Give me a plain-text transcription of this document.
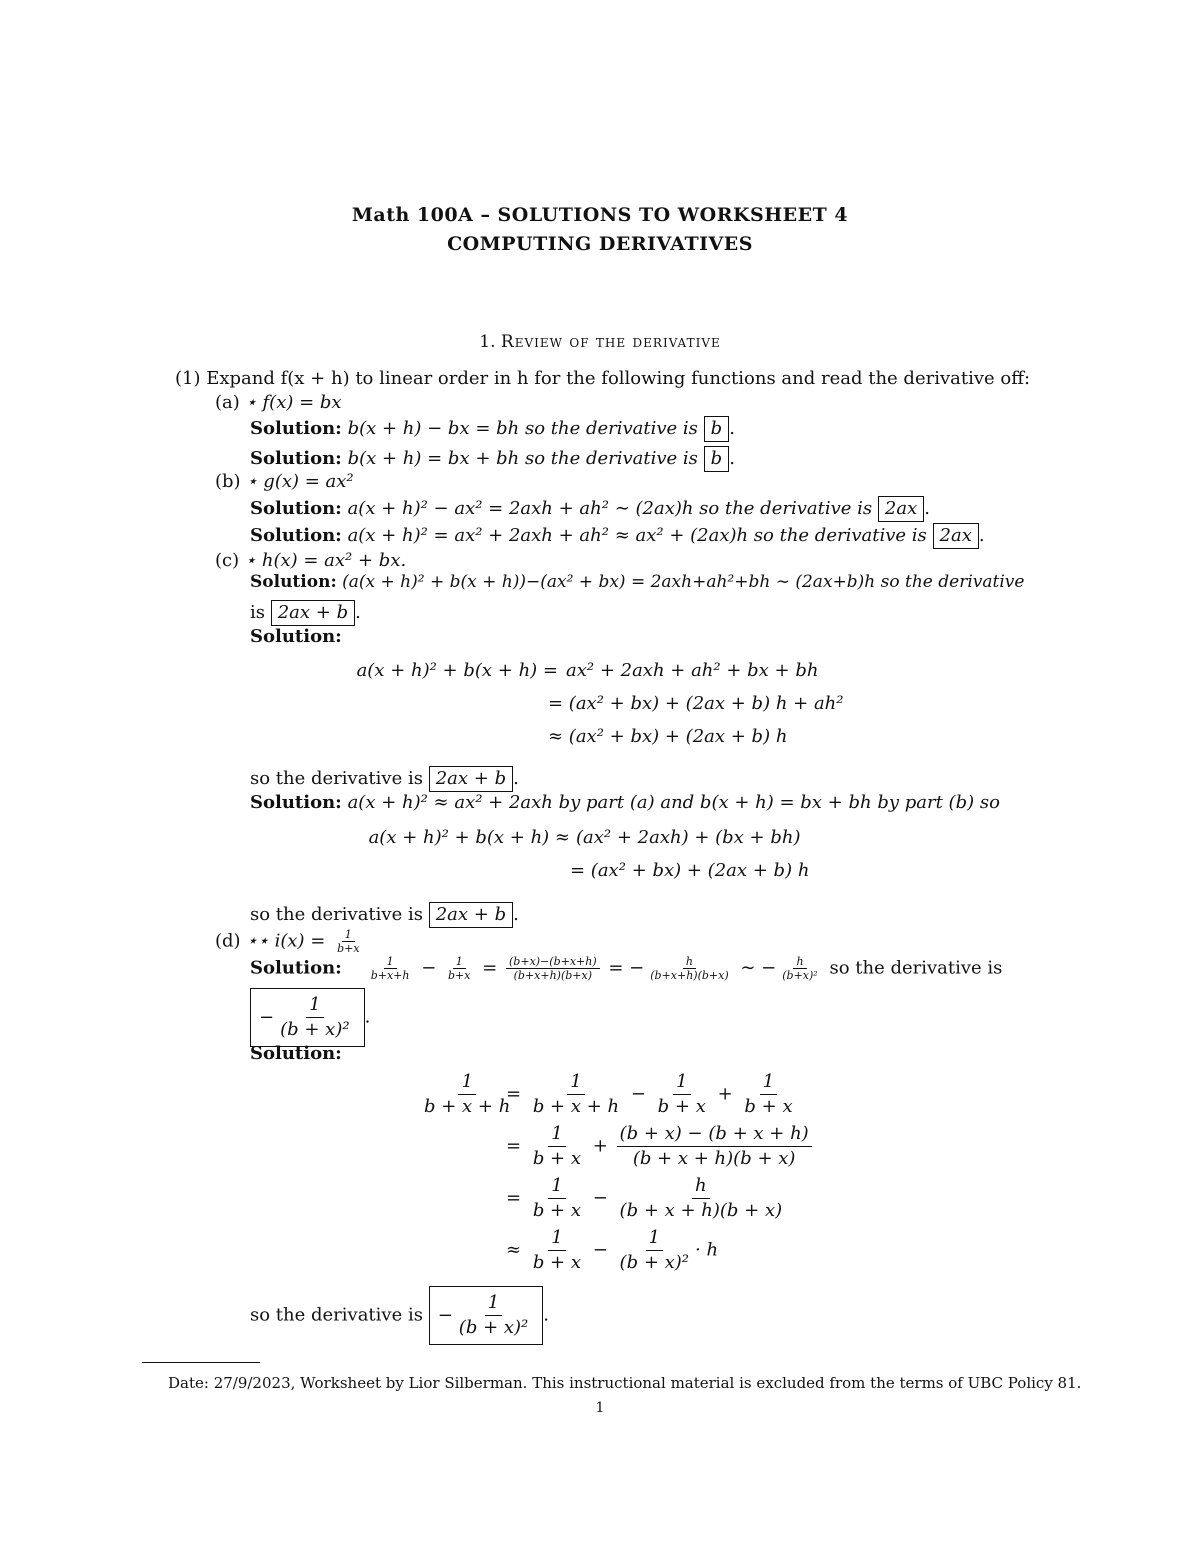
Math 100A – SOLUTIONS TO WORKSHEET 4
COMPUTING DERIVATIVES
1. Review of the derivative
(1) Expand f(x + h) to linear order in h for the following functions and read the derivative off:
(a) ⋆ f(x) = bx
Solution: b(x + h) − bx = bh so the derivative is b .
Solution: b(x + h) = bx + bh so the derivative is b .
(b) ⋆ g(x) = ax²
Solution: a(x + h)² − ax² = 2axh + ah² ∼ (2ax)h so the derivative is 2ax .
Solution: a(x + h)² = ax² + 2axh + ah² ≈ ax² + (2ax)h so the derivative is 2ax .
(c) ⋆ h(x) = ax² + bx.
Solution: (a(x + h)² + b(x + h))−(ax² + bx) = 2axh+ah²+bh ∼ (2ax+b)h so the derivative
is 2ax + b .
Solution:
a(x + h)² + b(x + h) = ax² + 2axh + ah² + bx + bh
= (ax² + bx) + (2ax + b) h + ah²
≈ (ax² + bx) + (2ax + b) h
so the derivative is 2ax + b .
Solution: a(x + h)² ≈ ax² + 2axh by part (a) and b(x + h) = bx + bh by part (b) so
a(x + h)² + b(x + h) ≈ (ax² + 2axh) + (bx + bh)
= (ax² + bx) + (2ax + b) h
so the derivative is 2ax + b .
(d) ⋆⋆ $i(x) = \frac{1}{b+x}$
Solution: $\frac{1}{b+x+h} - \frac{1}{b+x} = \frac{(b+x)-(b+x+h)}{(b+x+h)(b+x)}$ = − $\frac{h}{(b+x+h)(b+x)}$ ∼ − $\frac{h}{\text{(b+x)²}}$ so the derivative is
− $\frac{1}{\text{(b + x)²}}$ .
Solution:
$\frac{1}{b + x + h}$
= $\frac{1}{b + x + h} - \frac{1}{b + x} + \frac{1}{b + x}$
= $\frac{1}{b + x} + \frac{(b + x) - (b + x + h)}{(b + x + h)(b + x)}$
= $\frac{1}{b + x} - \frac{h}{(b + x + h)(b + x)}$
≈ $\frac{1}{b + x} - \frac{1}{\text{(b + x)²}} \cdot h$
so the derivative is − $\frac{1}{\text{(b + x)²}}$ .
Date: 27/9/2023, Worksheet by Lior Silberman. This instructional material is excluded from the terms of UBC Policy 81.
1
